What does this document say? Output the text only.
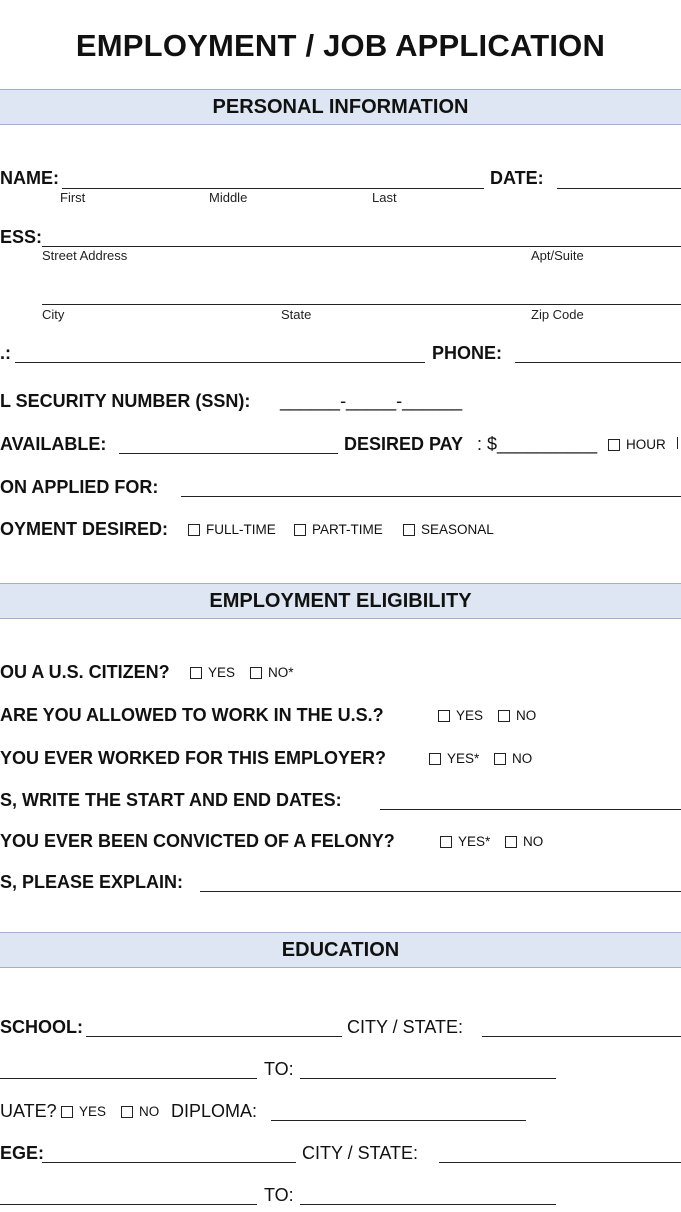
EMPLOYMENT / JOB APPLICATION
PERSONAL INFORMATION
NAME:	DATE:
First	Middle	Last
ESS:
Street Address	Apt/Suite
City	State	Zip Code
.:	PHONE:
L SECURITY NUMBER (SSN): ______-_____-______
AVAILABLE:	DESIRED PAY : $__________ HOUR
ON APPLIED FOR:
OYMENT DESIRED:	FULL-TIME	PART-TIME	SEASONAL
EMPLOYMENT ELIGIBILITY
OU A U.S. CITIZEN?	YES NO*
ARE YOU ALLOWED TO WORK IN THE U.S.?	YES NO
YOU EVER WORKED FOR THIS EMPLOYER?	YES* NO
S, WRITE THE START AND END DATES:
YOU EVER BEEN CONVICTED OF A FELONY?	YES* NO
S, PLEASE EXPLAIN:
EDUCATION
SCHOOL:	CITY / STATE:
TO:
UATE? YES NO DIPLOMA:
EGE:	CITY / STATE:
TO:
